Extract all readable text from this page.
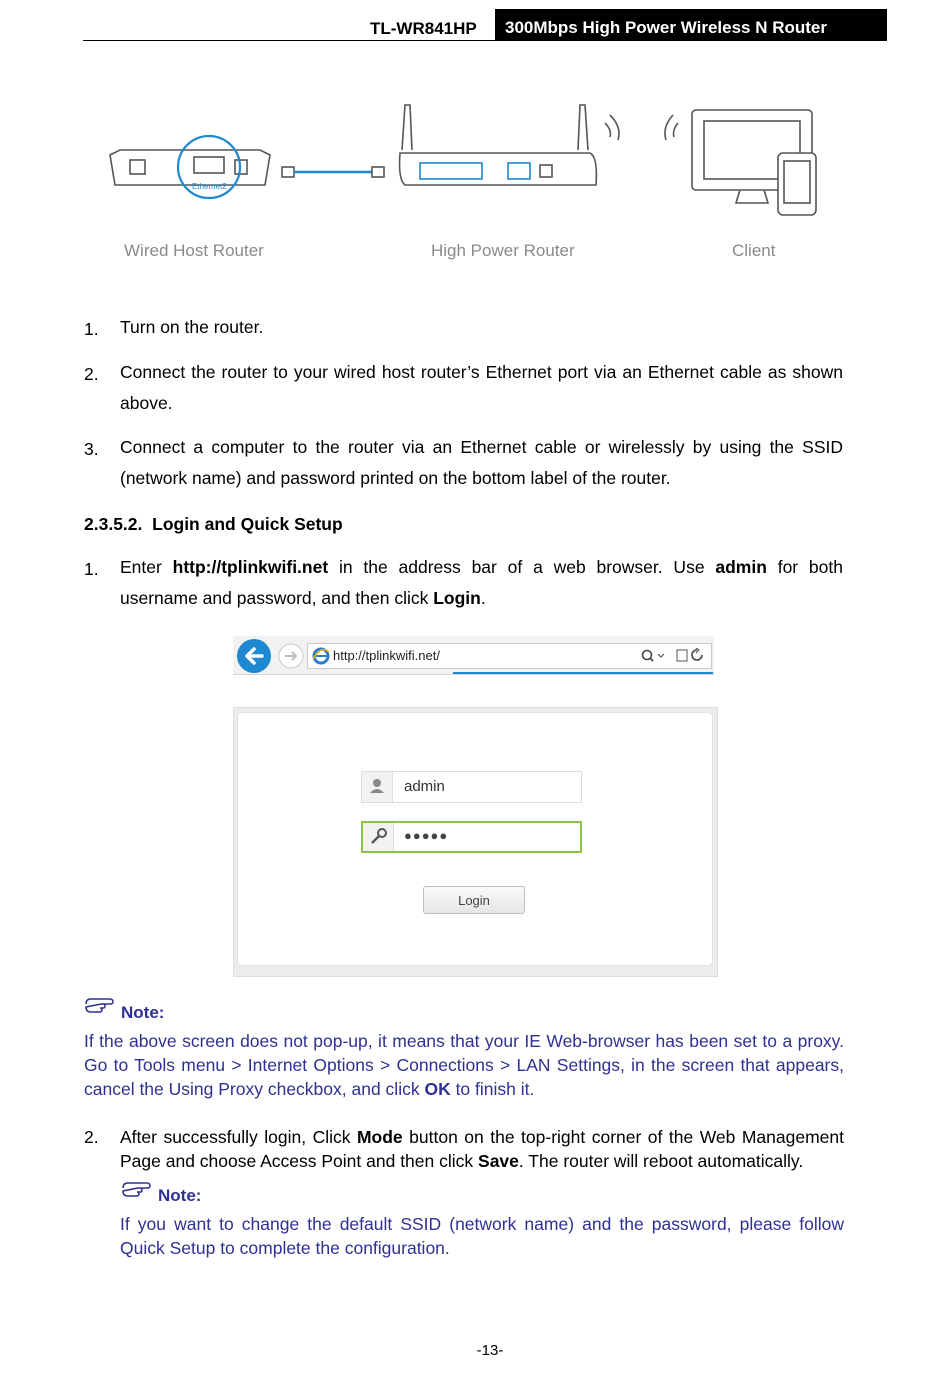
TL-WR841HP	300Mbps High Power Wireless N Router
Ethernet2
Wired Host Router	High Power Router	Client
1. Turn on the router.
2. Connect the router to your wired host router’s Ethernet port via an Ethernet cable as shown above.
3. Connect a computer to the router via an Ethernet cable or wirelessly by using the SSID (network name) and password printed on the bottom label of the router.
2.3.5.2. Login and Quick Setup
1. Enter http://tplinkwifi.net in the address bar of a web browser. Use admin for both username and password, and then click Login.
http://tplinkwifi.net/
admin
●●●●●
Login
Note:
If the above screen does not pop-up, it means that your IE Web-browser has been set to a proxy. Go to Tools menu > Internet Options > Connections > LAN Settings, in the screen that appears, cancel the Using Proxy checkbox, and click OK to finish it.
2. After successfully login, Click Mode button on the top-right corner of the Web Management Page and choose Access Point and then click Save. The router will reboot automatically.
Note:
If you want to change the default SSID (network name) and the password, please follow Quick Setup to complete the configuration.
-13-
